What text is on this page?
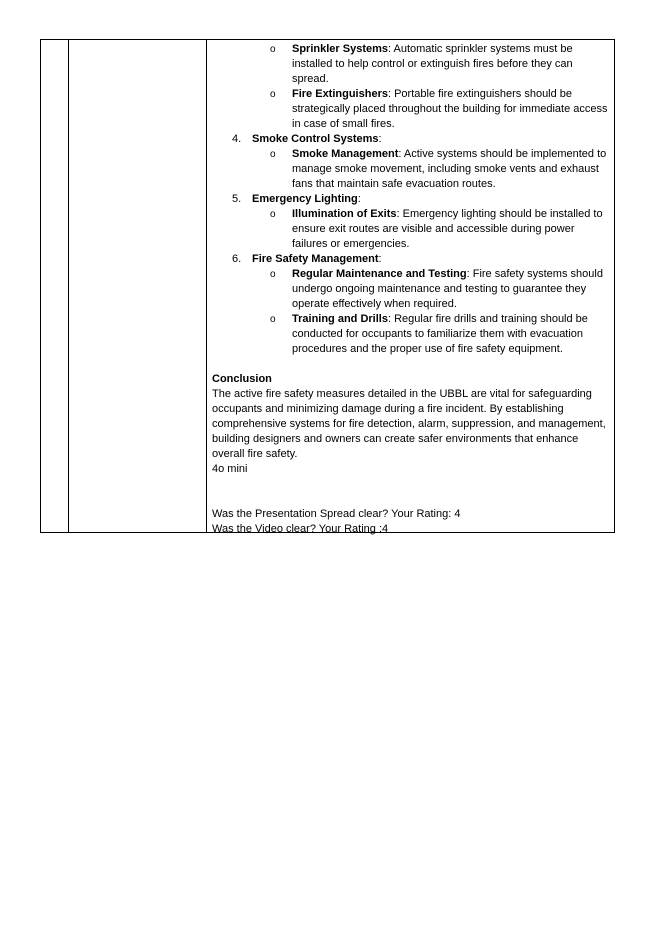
o Sprinkler Systems: Automatic sprinkler systems must be installed to help control or extinguish fires before they can spread.
o Fire Extinguishers: Portable fire extinguishers should be strategically placed throughout the building for immediate access in case of small fires.
4. Smoke Control Systems:
o Smoke Management: Active systems should be implemented to manage smoke movement, including smoke vents and exhaust fans that maintain safe evacuation routes.
5. Emergency Lighting:
o Illumination of Exits: Emergency lighting should be installed to ensure exit routes are visible and accessible during power failures or emergencies.
6. Fire Safety Management:
o Regular Maintenance and Testing: Fire safety systems should undergo ongoing maintenance and testing to guarantee they operate effectively when required.
o Training and Drills: Regular fire drills and training should be conducted for occupants to familiarize them with evacuation procedures and the proper use of fire safety equipment.
Conclusion
The active fire safety measures detailed in the UBBL are vital for safeguarding occupants and minimizing damage during a fire incident. By establishing comprehensive systems for fire detection, alarm, suppression, and management, building designers and owners can create safer environments that enhance overall fire safety.
4o mini
Was the Presentation Spread clear? Your Rating: 4
Was the Video clear? Your Rating :4
